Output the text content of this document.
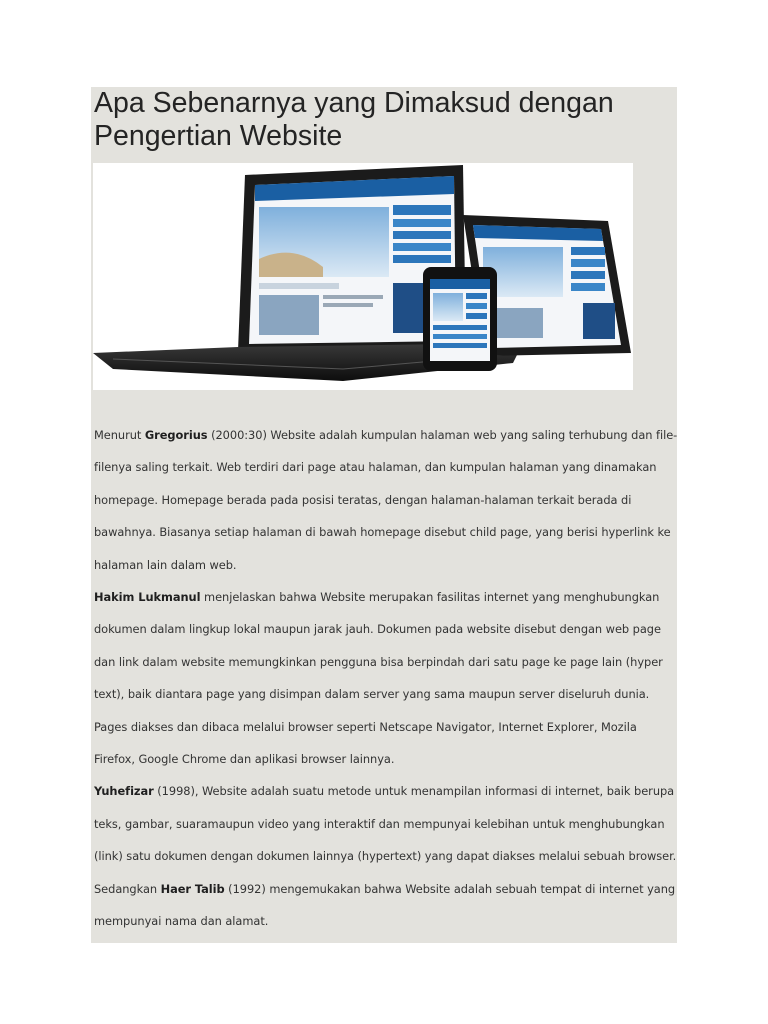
Apa Sebenarnya yang Dimaksud dengan
Pengertian Website
Menurut Gregorius (2000:30) Website adalah kumpulan halaman web yang saling terhubung dan file-
filenya saling terkait. Web terdiri dari page atau halaman, dan kumpulan halaman yang dinamakan
homepage. Homepage berada pada posisi teratas, dengan halaman-halaman terkait berada di
bawahnya. Biasanya setiap halaman di bawah homepage disebut child page, yang berisi hyperlink ke
halaman lain dalam web.
Hakim Lukmanul menjelaskan bahwa Website merupakan fasilitas internet yang menghubungkan
dokumen dalam lingkup lokal maupun jarak jauh. Dokumen pada website disebut dengan web page
dan link dalam website memungkinkan pengguna bisa berpindah dari satu page ke page lain (hyper
text), baik diantara page yang disimpan dalam server yang sama maupun server diseluruh dunia.
Pages diakses dan dibaca melalui browser seperti Netscape Navigator, Internet Explorer, Mozila
Firefox, Google Chrome dan aplikasi browser lainnya.
Yuhefizar (1998), Website adalah suatu metode untuk menampilan informasi di internet, baik berupa
teks, gambar, suaramaupun video yang interaktif dan mempunyai kelebihan untuk menghubungkan
(link) satu dokumen dengan dokumen lainnya (hypertext) yang dapat diakses melalui sebuah browser.
Sedangkan Haer Talib (1992) mengemukakan bahwa Website adalah sebuah tempat di internet yang
mempunyai nama dan alamat.
